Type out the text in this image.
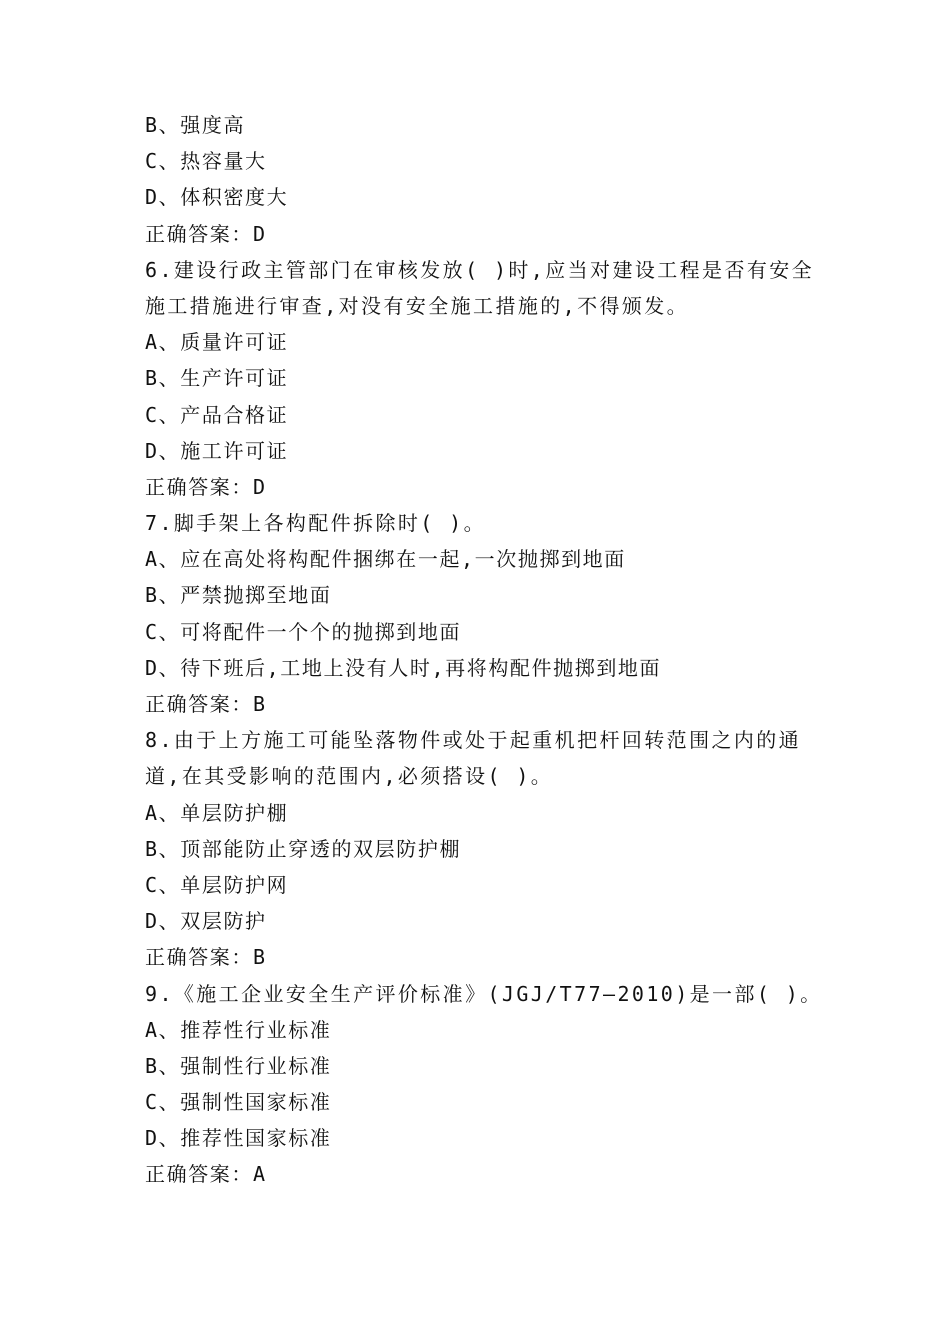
B、强度高
C、热容量大
D、体积密度大
正确答案：D
6.建设行政主管部门在审核发放( )时,应当对建设工程是否有安全
施工措施进行审查,对没有安全施工措施的,不得颁发。
A、质量许可证
B、生产许可证
C、产品合格证
D、施工许可证
正确答案：D
7.脚手架上各构配件拆除时( )。
A、应在高处将构配件捆绑在一起,一次抛掷到地面
B、严禁抛掷至地面
C、可将配件一个个的抛掷到地面
D、待下班后,工地上没有人时,再将构配件抛掷到地面
正确答案：B
8.由于上方施工可能坠落物件或处于起重机把杆回转范围之内的通
道,在其受影响的范围内,必须搭设( )。
A、单层防护棚
B、顶部能防止穿透的双层防护棚
C、单层防护网
D、双层防护
正确答案：B
9.《施工企业安全生产评价标准》(JGJ/T77—2010)是一部( )。
A、推荐性行业标准
B、强制性行业标准
C、强制性国家标准
D、推荐性国家标准
正确答案：A
